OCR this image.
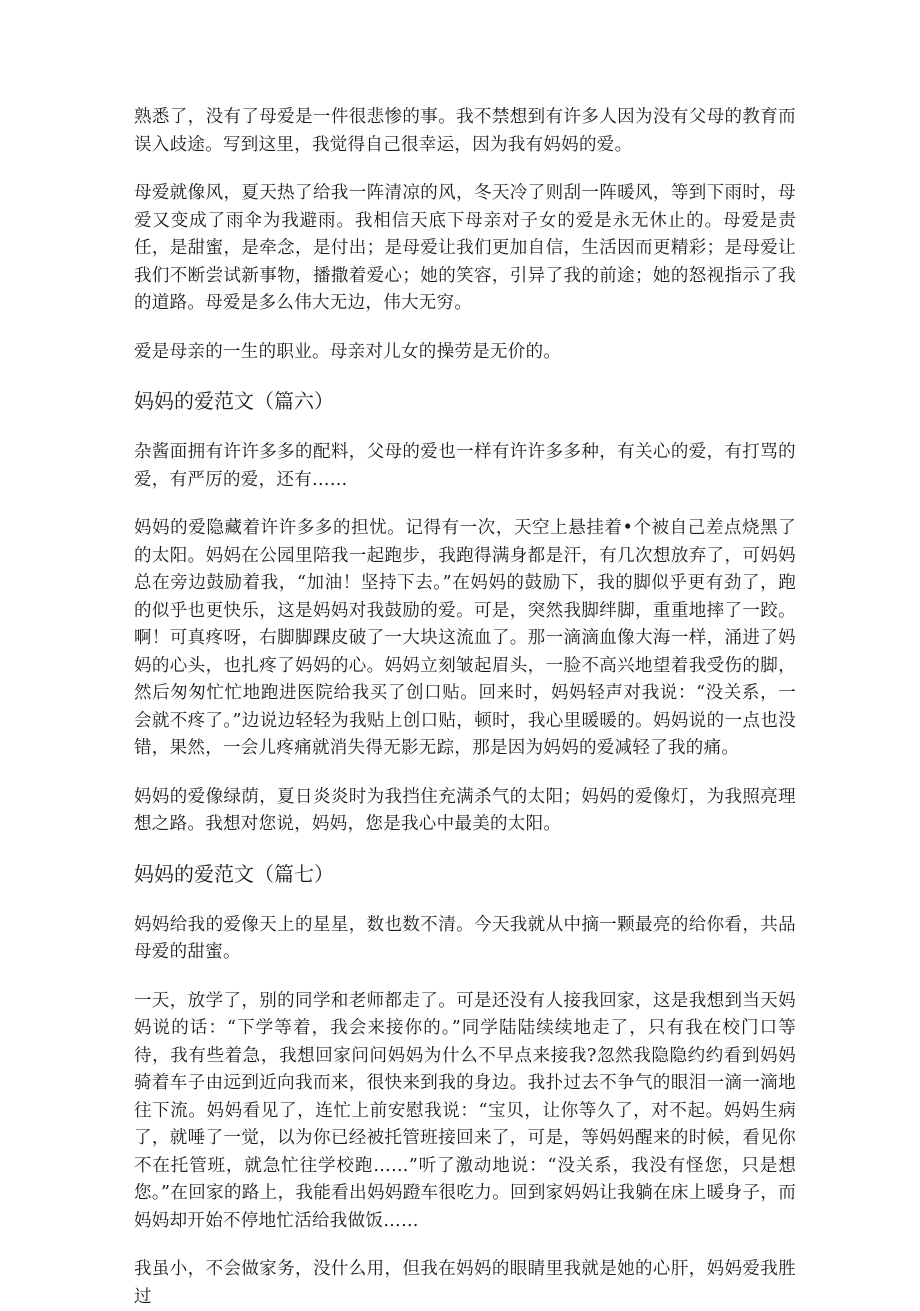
熟悉了，没有了母爱是一件很悲惨的事。我不禁想到有许多人因为没有父母的教育而误入歧途。写到这里，我觉得自己很幸运，因为我有妈妈的爱。

母爱就像风，夏天热了给我一阵清凉的风，冬天冷了则刮一阵暖风，等到下雨时，母爱又变成了雨伞为我避雨。我相信天底下母亲对子女的爱是永无休止的。母爱是责任，是甜蜜，是牵念，是付出；是母爱让我们更加自信，生活因而更精彩；是母爱让我们不断尝试新事物，播撒着爱心；她的笑容，引异了我的前途；她的怒视指示了我的道路。母爱是多么伟大无边，伟大无穷。

爱是母亲的一生的职业。母亲对儿女的操劳是无价的。

妈妈的爱范文（篇六）

杂酱面拥有许许多多的配料，父母的爱也一样有许许多多种，有关心的爱，有打骂的爱，有严厉的爱，还有……

妈妈的爱隐藏着许许多多的担忧。记得有一次，天空上悬挂着•个被自己差点烧黑了的太阳。妈妈在公园里陪我一起跑步，我跑得满身都是汗，有几次想放弃了，可妈妈总在旁边鼓励着我，“加油！坚持下去。”在妈妈的鼓励下，我的脚似乎更有劲了，跑的似乎也更快乐，这是妈妈对我鼓励的爱。可是，突然我脚绊脚，重重地摔了一跤。啊！可真疼呀，右脚脚踝皮破了一大块这流血了。那一滴滴血像大海一样，涌进了妈妈的心头，也扎疼了妈妈的心。妈妈立刻皱起眉头，一脸不高兴地望着我受伤的脚，然后匆匆忙忙地跑进医院给我买了创口贴。回来时，妈妈轻声对我说：“没关系，一会就不疼了。”边说边轻轻为我贴上创口贴，顿时，我心里暖暖的。妈妈说的一点也没错，果然，一会儿疼痛就消失得无影无踪，那是因为妈妈的爱减轻了我的痛。

妈妈的爱像绿荫，夏日炎炎时为我挡住充满杀气的太阳；妈妈的爱像灯，为我照亮理想之路。我想对您说，妈妈，您是我心中最美的太阳。

妈妈的爱范文（篇七）

妈妈给我的爱像天上的星星，数也数不清。今天我就从中摘一颗最亮的给你看，共品母爱的甜蜜。

一天，放学了，别的同学和老师都走了。可是还没有人接我回家，这是我想到当天妈妈说的话：“下学等着，我会来接你的。”同学陆陆续续地走了，只有我在校门口等待，我有些着急，我想回家问问妈妈为什么不早点来接我?忽然我隐隐约约看到妈妈骑着车子由远到近向我而来，很快来到我的身边。我扑过去不争气的眼泪一滴一滴地往下流。妈妈看见了，连忙上前安慰我说：“宝贝，让你等久了，对不起。妈妈生病了，就唾了一觉，以为你已经被托管班接回来了，可是，等妈妈醒来的时候，看见你不在托管班，就急忙往学校跑……”听了激动地说：“没关系，我没有怪您，只是想您。”在回家的路上，我能看出妈妈蹬车很吃力。回到家妈妈让我躺在床上暖身子，而妈妈却开始不停地忙活给我做饭……

我虽小，不会做家务，没什么用，但我在妈妈的眼睛里我就是她的心肝，妈妈爱我胜过
